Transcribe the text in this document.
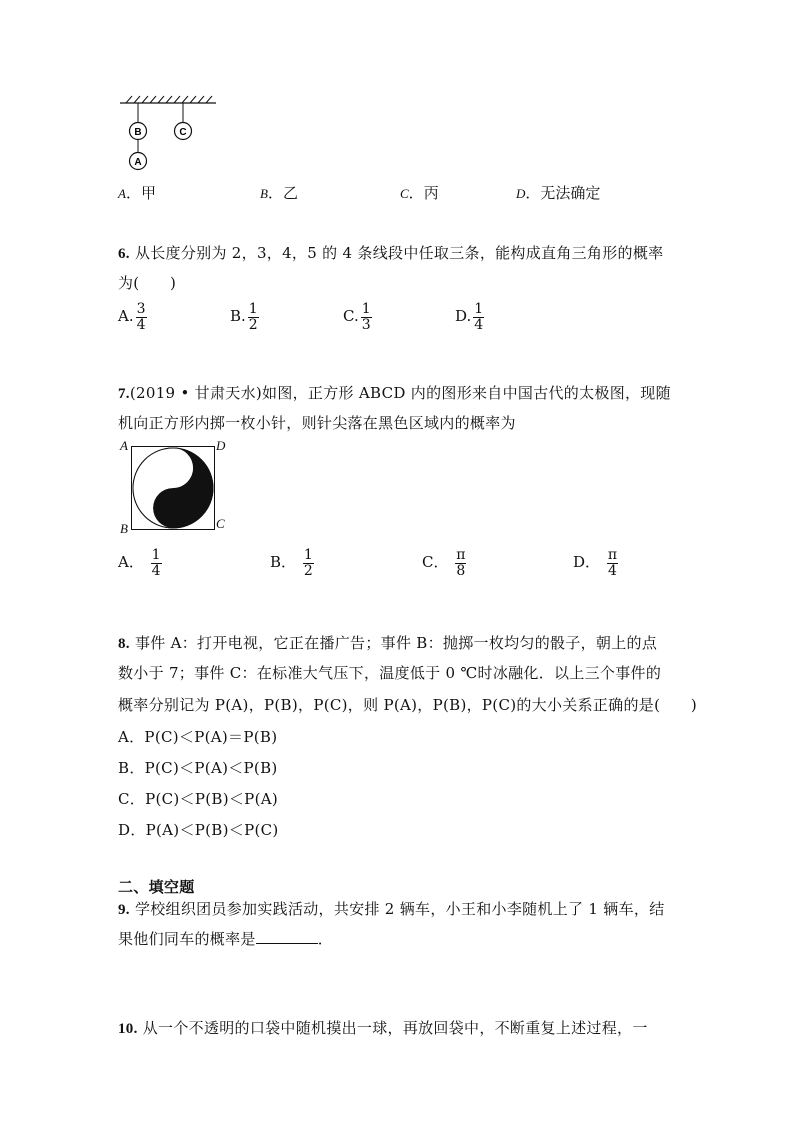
B	C
A
A．甲	B．乙	C．丙	D．无法确定
6. 从长度分别为 2，3，4，5 的 4 条线段中任取三条，能构成直角三角形的概率
为(　　)
A. $\frac{3}{4}$	B. $\frac{1}{2}$	C. $\frac{1}{3}$	D. $\frac{1}{4}$
7.(2019 • 甘肃天水)如图，正方形 ABCD 内的图形来自中国古代的太极图，现随
机向正方形内掷一枚小针，则针尖落在黑色区域内的概率为
A	D
B	C
A． $\frac{1}{4}$	B． $\frac{1}{2}$	C． $\frac{\pi}{8}$	D． $\frac{\pi}{4}$
8. 事件 A：打开电视，它正在播广告；事件 B：抛掷一枚均匀的骰子，朝上的点
数小于 7；事件 C：在标准大气压下，温度低于 0 ℃时冰融化．以上三个事件的
概率分别记为 P(A)，P(B)，P(C)，则 P(A)，P(B)，P(C)的大小关系正确的是(　　)
A．P(C)＜P(A)＝P(B)
B．P(C)＜P(A)＜P(B)
C．P(C)＜P(B)＜P(A)
D．P(A)＜P(B)＜P(C)
二、填空题
9. 学校组织团员参加实践活动，共安排 2 辆车，小王和小李随机上了 1 辆车，结
果他们同车的概率是	．
10. 从一个不透明的口袋中随机摸出一球，再放回袋中，不断重复上述过程，一
